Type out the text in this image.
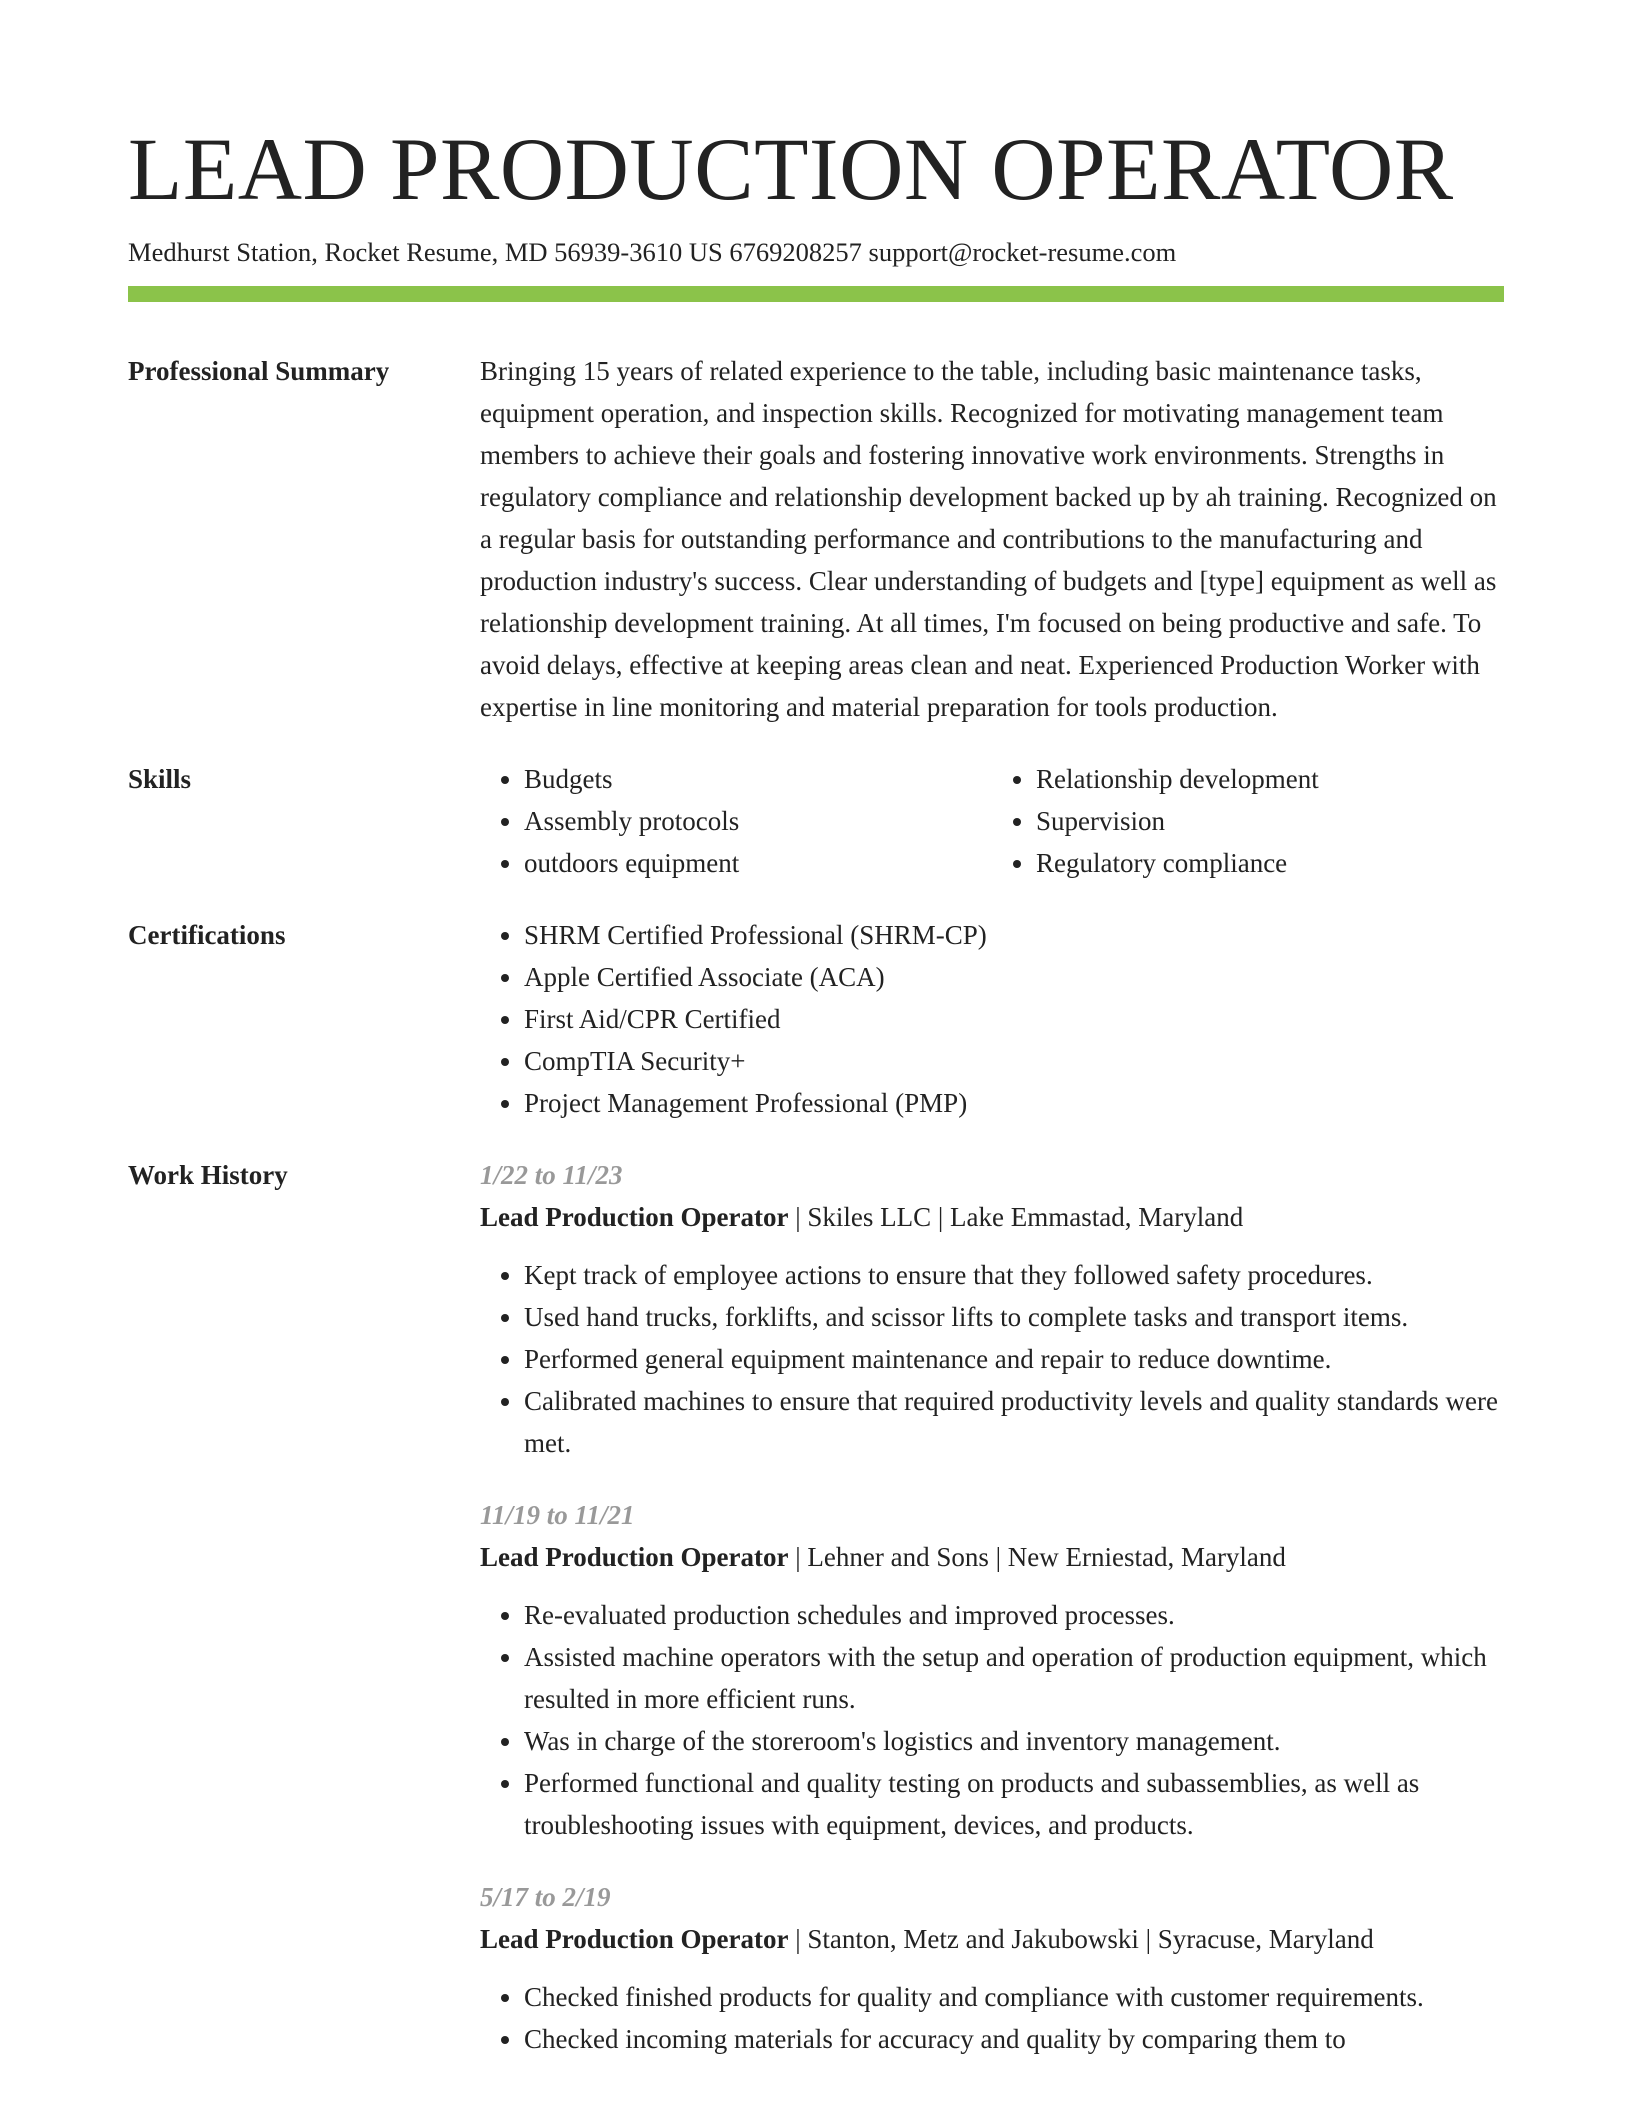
LEAD PRODUCTION OPERATOR
Medhurst Station, Rocket Resume, MD 56939-3610 US 6769208257 support@rocket-resume.com
Professional Summary	Bringing 15 years of related experience to the table, including basic maintenance tasks, equipment operation, and inspection skills. Recognized for motivating management team members to achieve their goals and fostering innovative work environments. Strengths in regulatory compliance and relationship development backed up by ah training. Recognized on a regular basis for outstanding performance and contributions to the manufacturing and production industry's success. Clear understanding of budgets and [type] equipment as well as relationship development training. At all times, I'm focused on being productive and safe. To avoid delays, effective at keeping areas clean and neat. Experienced Production Worker with expertise in line monitoring and material preparation for tools production.

Skills	• Budgets
• Assembly protocols
• outdoors equipment
• Relationship development
• Supervision
• Regulatory compliance
Certifications	• SHRM Certified Professional (SHRM-CP)
• Apple Certified Associate (ACA)
• First Aid/CPR Certified
• CompTIA Security+
• Project Management Professional (PMP)
Work History	1/22 to 11/23
Lead Production Operator | Skiles LLC | Lake Emmastad, Maryland
• Kept track of employee actions to ensure that they followed safety procedures.
• Used hand trucks, forklifts, and scissor lifts to complete tasks and transport items.
• Performed general equipment maintenance and repair to reduce downtime.
• Calibrated machines to ensure that required productivity levels and quality standards were met.
11/19 to 11/21
Lead Production Operator | Lehner and Sons | New Erniestad, Maryland
• Re-evaluated production schedules and improved processes.
• Assisted machine operators with the setup and operation of production equipment, which resulted in more efficient runs.
• Was in charge of the storeroom's logistics and inventory management.
• Performed functional and quality testing on products and subassemblies, as well as troubleshooting issues with equipment, devices, and products.
5/17 to 2/19
Lead Production Operator | Stanton, Metz and Jakubowski | Syracuse, Maryland
• Checked finished products for quality and compliance with customer requirements.
• Checked incoming materials for accuracy and quality by comparing them to
